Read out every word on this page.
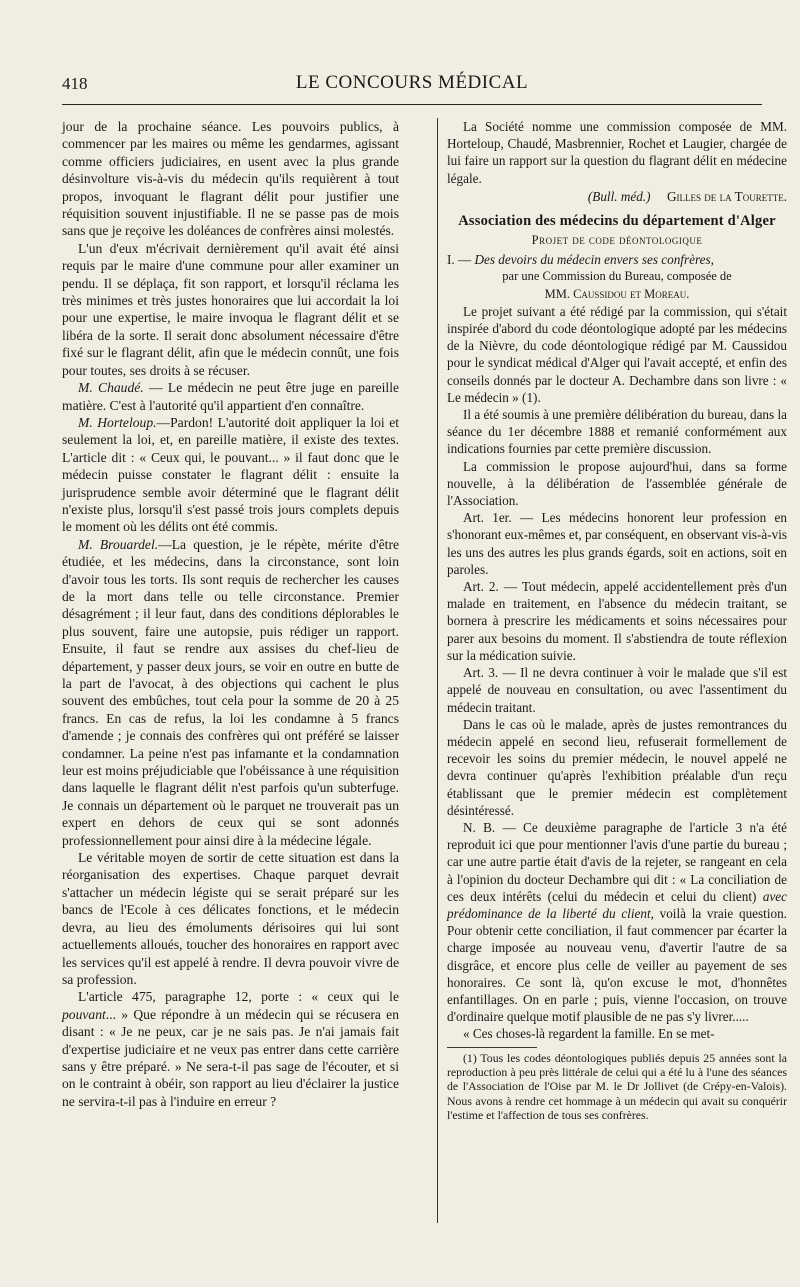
418	LE CONCOURS MÉDICAL

jour de la prochaine séance. Les pouvoirs publics, à commencer par les maires ou même les gendarmes, agissant comme officiers judiciaires, en usent avec la plus grande désinvolture vis-à-vis du médecin qu'ils requièrent à tout propos, invoquant le flagrant délit pour justifier une réquisition souvent injustifiable. Il ne se passe pas de mois sans que je reçoive les doléances de confrères ainsi molestés.

L'un d'eux m'écrivait dernièrement qu'il avait été ainsi requis par le maire d'une commune pour aller examiner un pendu. Il se déplaça, fit son rapport, et lorsqu'il réclama les très minimes et très justes honoraires que lui accordait la loi pour une expertise, le maire invoqua le flagrant délit et se libéra de la sorte. Il serait donc absolument nécessaire d'être fixé sur le flagrant délit, afin que le médecin connût, une fois pour toutes, ses droits à se récuser.

M. Chaudé. — Le médecin ne peut être juge en pareille matière. C'est à l'autorité qu'il appartient d'en connaître.

M. Horteloup.—Pardon! L'autorité doit appliquer la loi et seulement la loi, et, en pareille matière, il existe des textes. L'article dit : « Ceux qui, le pouvant... » il faut donc que le médecin puisse constater le flagrant délit : ensuite la jurisprudence semble avoir déterminé que le flagrant délit n'existe plus, lorsqu'il s'est passé trois jours complets depuis le moment où les délits ont été commis.

M. Brouardel.—La question, je le répète, mérite d'être étudiée, et les médecins, dans la circonstance, sont loin d'avoir tous les torts. Ils sont requis de rechercher les causes de la mort dans telle ou telle circonstance. Premier désagrément ; il leur faut, dans des conditions déplorables le plus souvent, faire une autopsie, puis rédiger un rapport. Ensuite, il faut se rendre aux assises du chef-lieu de département, y passer deux jours, se voir en outre en butte de la part de l'avocat, à des objections qui cachent le plus souvent des embûches, tout cela pour la somme de 20 à 25 francs. En cas de refus, la loi les condamne à 5 francs d'amende ; je connais des confrères qui ont préféré se laisser condamner. La peine n'est pas infamante et la condamnation leur est moins préjudiciable que l'obéissance à une réquisition dans laquelle le flagrant délit n'est parfois qu'un subterfuge. Je connais un département où le parquet ne trouverait pas un expert en dehors de ceux qui se sont adonnés professionnellement pour ainsi dire à la médecine légale.

Le véritable moyen de sortir de cette situation est dans la réorganisation des expertises. Chaque parquet devrait s'attacher un médecin légiste qui se serait préparé sur les bancs de l'Ecole à ces délicates fonctions, et le médecin devra, au lieu des émoluments dérisoires qui lui sont actuellements alloués, toucher des honoraires en rapport avec les services qu'il est appelé à rendre. Il devra pouvoir vivre de sa profession.

L'article 475, paragraphe 12, porte : « ceux qui le pouvant... » Que répondre à un médecin qui se récusera en disant : « Je ne peux, car je ne sais pas. Je n'ai jamais fait d'expertise judiciaire et ne veux pas entrer dans cette carrière sans y être préparé. » Ne sera-t-il pas sage de l'écouter, et si on le contraint à obéir, son rapport au lieu d'éclairer la justice ne servira-t-il pas à l'induire en erreur ?

La Société nomme une commission composée de MM. Horteloup, Chaudé, Masbrennier, Rochet et Laugier, chargée de lui faire un rapport sur la question du flagrant délit en médecine légale.

(Bull. méd.) Gilles de la Tourette.

Association des médecins du département d'Alger
Projet de code déontologique

I. — Des devoirs du médecin envers ses confrères,

par une Commission du Bureau, composée de
MM. Caussidou et Moreau.

Le projet suivant a été rédigé par la commission, qui s'était inspirée d'abord du code déontologique adopté par les médecins de la Nièvre, du code déontologique rédigé par M. Caussidou pour le syndicat médical d'Alger qui l'avait accepté, et enfin des conseils donnés par le docteur A. Dechambre dans son livre : « Le médecin » (1).

Il a été soumis à une première délibération du bureau, dans la séance du 1er décembre 1888 et remanié conformément aux indications fournies par cette première discussion.

La commission le propose aujourd'hui, dans sa forme nouvelle, à la délibération de l'assemblée générale de l'Association.

Art. 1er. — Les médecins honorent leur profession en s'honorant eux-mêmes et, par conséquent, en observant vis-à-vis les uns des autres les plus grands égards, soit en actions, soit en paroles.

Art. 2. — Tout médecin, appelé accidentellement près d'un malade en traitement, en l'absence du médecin traitant, se bornera à prescrire les médicaments et soins nécessaires pour parer aux besoins du moment. Il s'abstiendra de toute réflexion sur la médication suivie.

Art. 3. — Il ne devra continuer à voir le malade que s'il est appelé de nouveau en consultation, ou avec l'assentiment du médecin traitant.

Dans le cas où le malade, après de justes remontrances du médecin appelé en second lieu, refuserait formellement de recevoir les soins du premier médecin, le nouvel appelé ne devra continuer qu'après l'exhibition préalable d'un reçu établissant que le premier médecin est complètement désintéressé.

N. B. — Ce deuxième paragraphe de l'article 3 n'a été reproduit ici que pour mentionner l'avis d'une partie du bureau ; car une autre partie était d'avis de la rejeter, se rangeant en cela à l'opinion du docteur Dechambre qui dit : « La conciliation de ces deux intérêts (celui du médecin et celui du client) avec prédominance de la liberté du client, voilà la vraie question. Pour obtenir cette conciliation, il faut commencer par écarter la charge imposée au nouveau venu, d'avertir l'autre de sa disgrâce, et encore plus celle de veiller au payement de ses honoraires. Ce sont là, qu'on excuse le mot, d'honnêtes enfantillages. On en parle ; puis, vienne l'occasion, on trouve d'ordinaire quelque motif plausible de ne pas s'y livrer.....

« Ces choses-là regardent la famille. En se met-

(1) Tous les codes déontologiques publiés depuis 25 années sont la reproduction à peu près littérale de celui qui a été lu à l'une des séances de l'Association de l'Oise par M. le Dr Jollivet (de Crépy-en-Valois). Nous avons à rendre cet hommage à un médecin qui avait su conquérir l'estime et l'affection de tous ses confrères.
